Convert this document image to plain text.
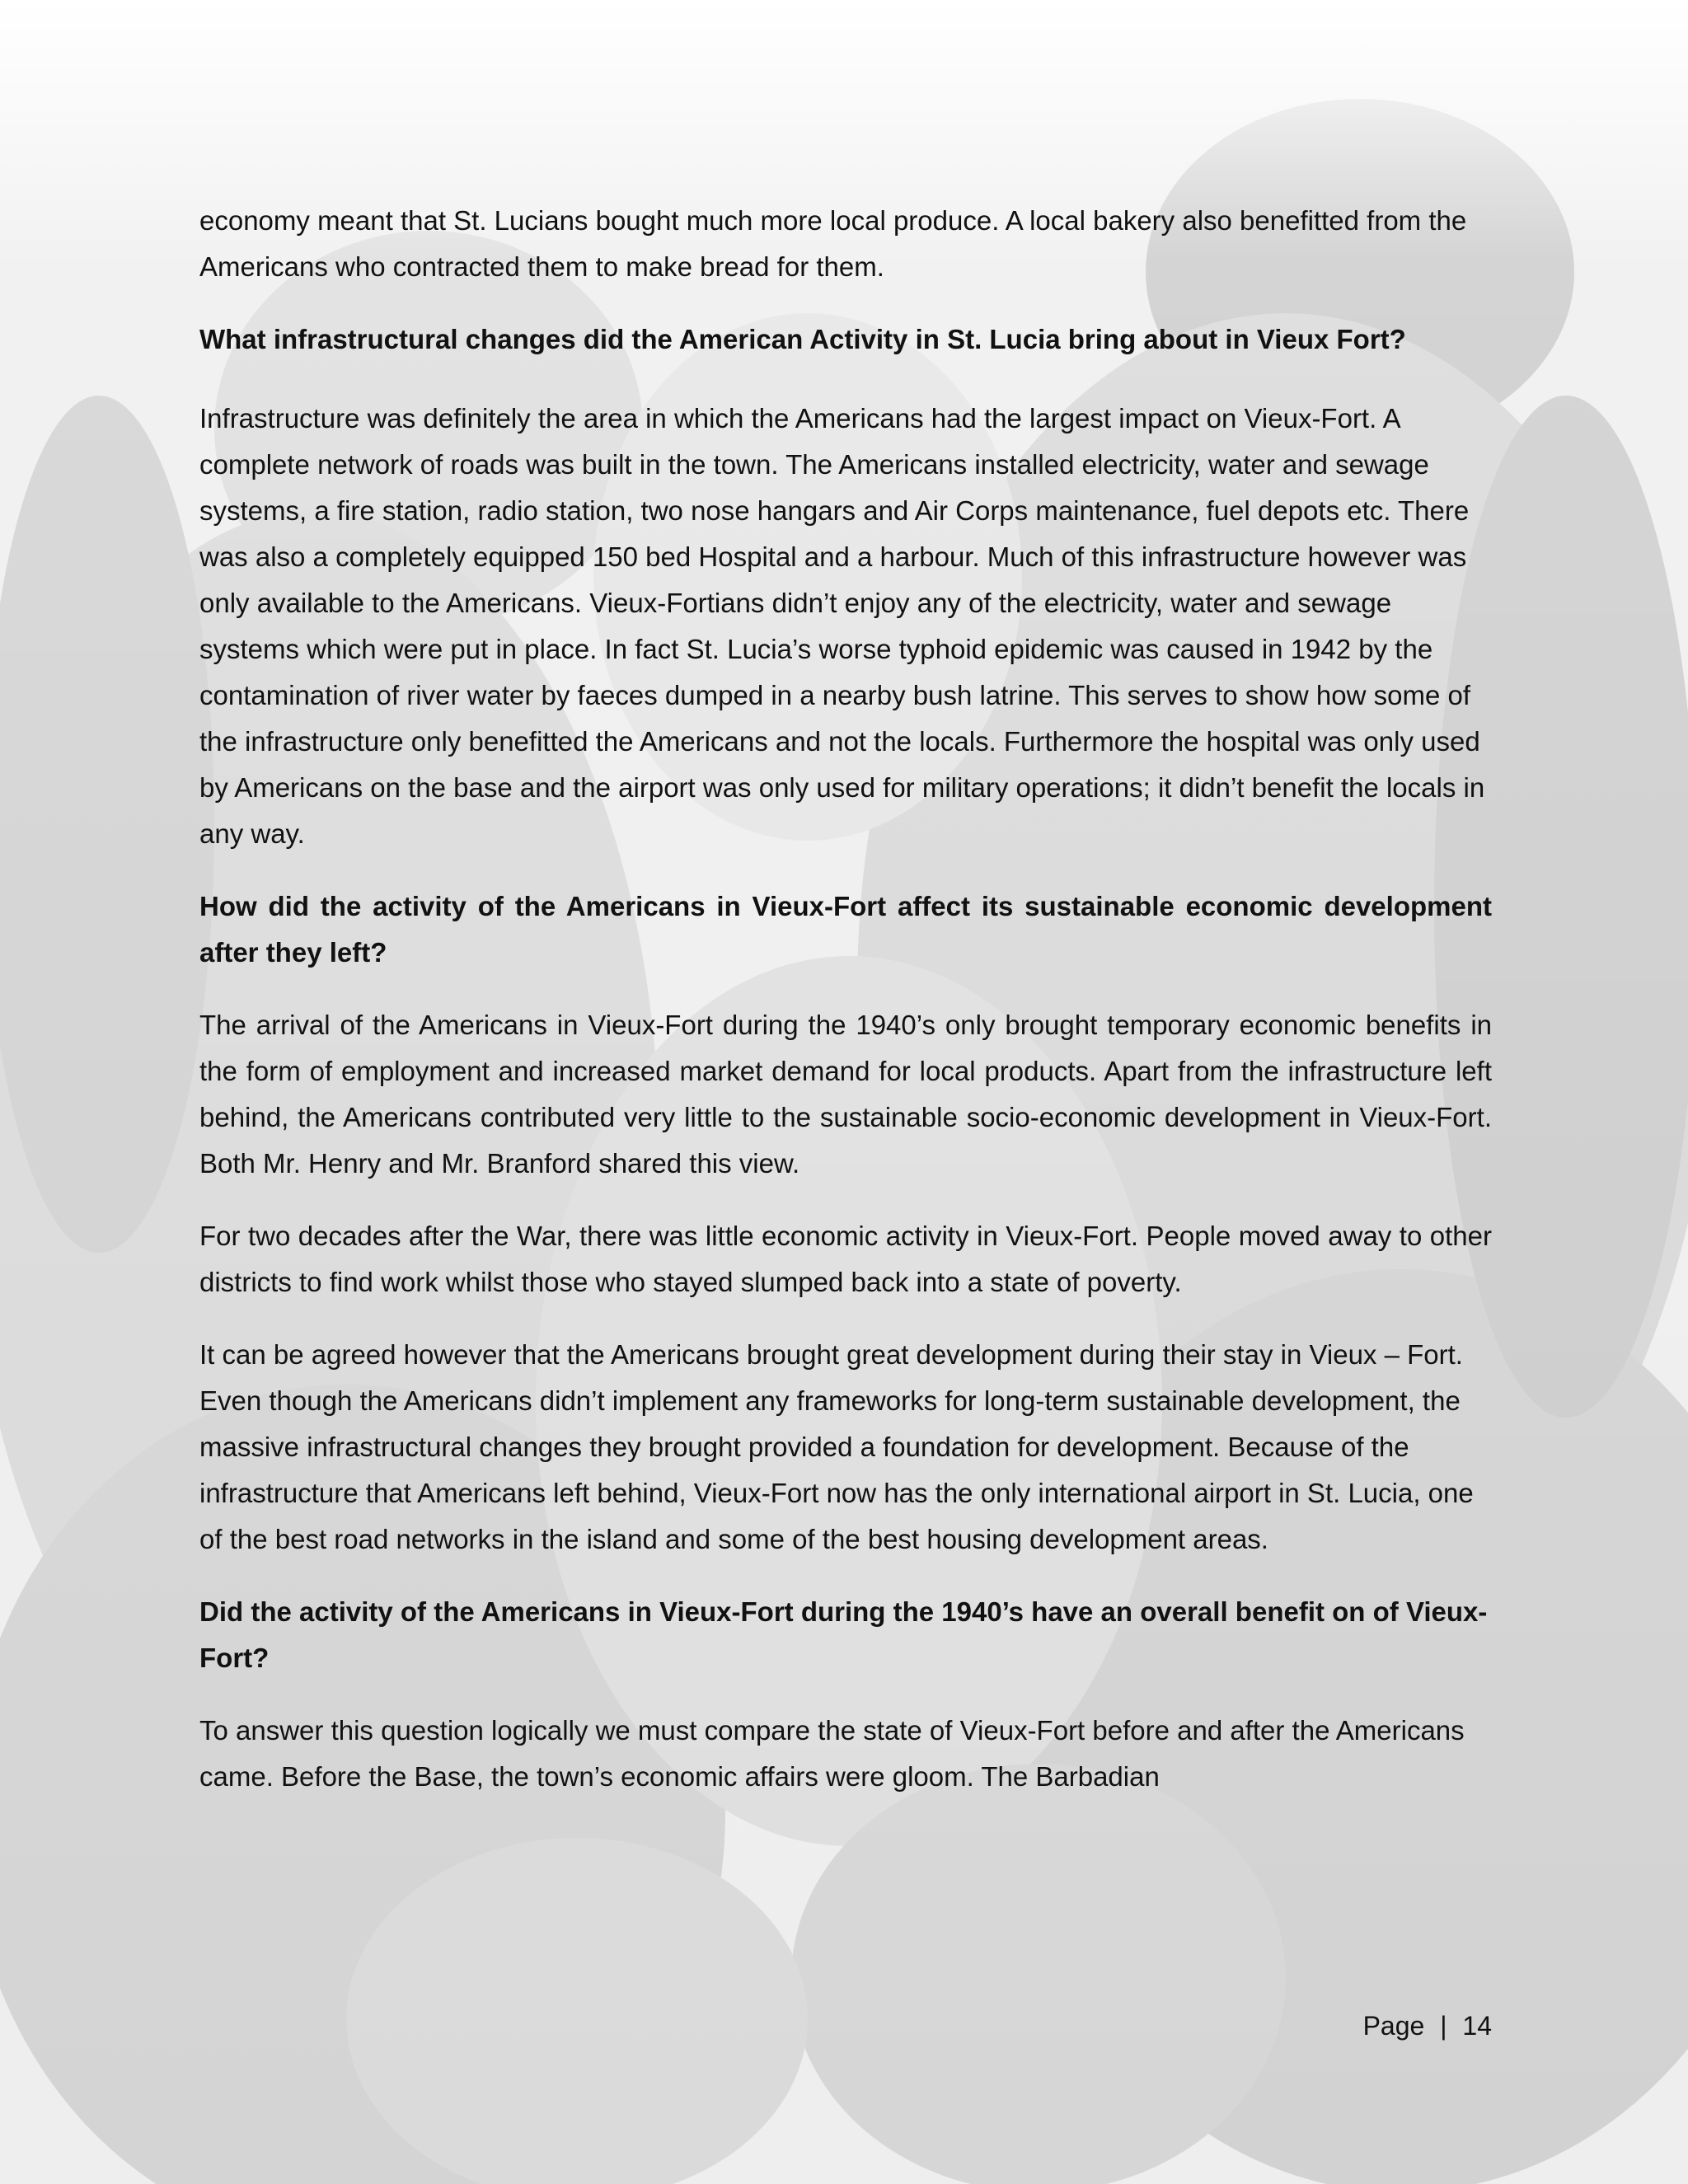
economy meant that St. Lucians bought much more local produce. A local bakery also benefitted from the Americans who contracted them to make bread for them.

What infrastructural changes did the American Activity in St. Lucia bring about in Vieux Fort?

Infrastructure was definitely the area in which the Americans had the largest impact on Vieux-Fort. A complete network of roads was built in the town. The Americans installed electricity, water and sewage systems, a fire station, radio station, two nose hangars and Air Corps maintenance, fuel depots etc. There was also a completely equipped 150 bed Hospital and a harbour. Much of this infrastructure however was only available to the Americans. Vieux-Fortians didn’t enjoy any of the electricity, water and sewage systems which were put in place. In fact St. Lucia’s worse typhoid epidemic was caused in 1942 by the contamination of river water by faeces dumped in a nearby bush latrine. This serves to show how some of the infrastructure only benefitted the Americans and not the locals. Furthermore the hospital was only used by Americans on the base and the airport was only used for military operations; it didn’t benefit the locals in any way.

How did the activity of the Americans in Vieux-Fort affect its sustainable economic development after they left?

The arrival of the Americans in Vieux-Fort during the 1940’s only brought temporary economic benefits in the form of employment and increased market demand for local products. Apart from the infrastructure left behind, the Americans contributed very little to the sustainable socio-economic development in Vieux-Fort. Both Mr. Henry and Mr. Branford shared this view.

For two decades after the War, there was little economic activity in Vieux-Fort. People moved away to other districts to find work whilst those who stayed slumped back into a state of poverty.

It can be agreed however that the Americans brought great development during their stay in Vieux – Fort. Even though the Americans didn’t implement any frameworks for long-term sustainable development, the massive infrastructural changes they brought provided a foundation for development. Because of the infrastructure that Americans left behind, Vieux-Fort now has the only international airport in St. Lucia, one of the best road networks in the island and some of the best housing development areas.

Did the activity of the Americans in Vieux-Fort during the 1940’s have an overall benefit on of Vieux-Fort?

To answer this question logically we must compare the state of Vieux-Fort before and after the Americans came. Before the Base, the town’s economic affairs were gloom. The Barbadian

Page | 14
